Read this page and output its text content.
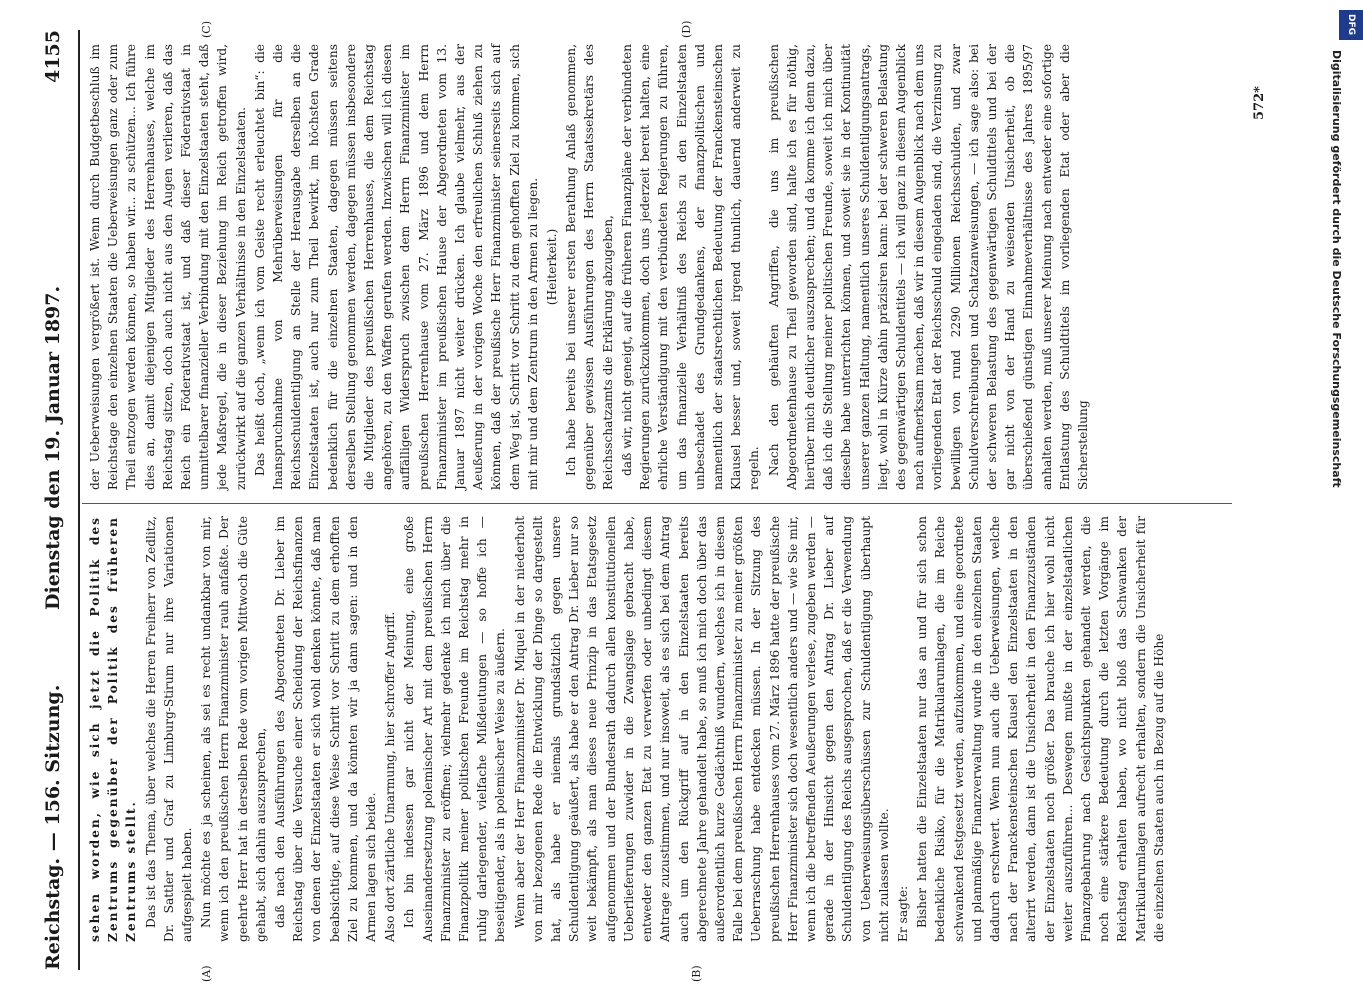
Reichstag. — 156. Sitzung.
Dienstag den 19. Januar 1897.
4155
(A)	(B)
(C)	(D)

sehen worden, wie sich jetzt die Politik des Zentrums gegenüber der Politik des früheren Zentrums stellt. Das ist das Thema, über welches die Herren Freiherr von Zedlitz, Dr. Sattler und Graf zu Limburg-Stirum nur ihre Variationen aufgespielt haben. Nun möchte es ja scheinen, als sei es recht undankbar von mir, wenn ich den preußischen Herrn Finanzminister rauh anfaßte. Der geehrte Herr hat in derselben Rede vom vorigen Mittwoch die Güte gehabt, sich dahin auszusprechen, daß nach den Ausführungen des Abgeordneten Dr. Lieber im Reichstag über die Versuche einer Scheidung der Reichsfinanzen von denen der Einzelstaaten er sich wohl denken könnte, daß man beabsichtige, auf diese Weise Schritt vor Schritt zu dem erhofften Ziel zu kommen, und da könnten wir ja dann sagen: und in den Armen lagen sich beide. Also dort zärtliche Umarmung, hier schroffer Angriff. Ich bin indessen gar nicht der Meinung, eine große Auseinandersetzung polemischer Art mit dem preußischen Herrn Finanzminister zu eröffnen; vielmehr gedenke ich mich über die Finanzpolitik meiner politischen Freunde im Reichstag mehr in ruhig darlegender, vielfache Mißdeutungen — so hoffe ich — beseitigender, als in polemischer Weise zu äußern. Wenn aber der Herr Finanzminister Dr. Miquel in der niederholt von mir bezogenen Rede die Entwicklung der Dinge so dargestellt hat, als habe er niemals grundsätzlich gegen unsere Schuldentilgung geäußert, als habe er den Antrag Dr. Lieber nur so weit bekämpft, als man dieses neue Prinzip in das Etatsgesetz aufgenommen und der Bundesrath dadurch allen konstitutionellen Ueberlieferungen zuwider in die Zwangslage gebracht habe, entweder den ganzen Etat zu verwerfen oder unbedingt diesem Antrage zuzustimmen, und nur insoweit, als es sich bei dem Antrag auch um den Rückgriff auf in den Einzelstaaten bereits abgerechnete Jahre gehandelt habe, so muß ich mich doch über das außerordentlich kurze Gedächtniß wundern, welches ich in diesem Falle bei dem preußischen Herrn Finanzminister zu meiner größten Ueberraschung habe entdecken müssen. In der Sitzung des preußischen Herrenhauses vom 27. März 1896 hatte der preußische Herr Finanzminister sich doch wesentlich anders und — wie Sie mir, wenn ich die betreffenden Aeußerungen verlese, zugeben werden — gerade in der Hinsicht gegen den Antrag Dr. Lieber auf Schuldentilgung des Reichs ausgesprochen, daß er die Verwendung von Ueberweisungsüberschüssen zur Schuldentilgung überhaupt nicht zulassen wollte. Er sagte: Bisher hatten die Einzelstaaten nur das an und für sich schon bedenkliche Risiko, für die Matrikularumlagen, die im Reiche schwankend festgesetzt werden, aufzukommen, und eine geordnete und planmäßige Finanzverwaltung wurde in den einzelnen Staaten dadurch erschwert. Wenn nun auch die Ueberweisungen, welche nach der Franckensteinschen Klausel den Einzelstaaten in den alterirt werden, dann ist die Unsicherheit in den Finanzzuständen der Einzelstaaten noch größer. Das brauche ich hier wohl nicht weiter auszuführen... Deswegen mußte in der einzelstaatlichen Finanzgebahrung nach Gesichtspunkten gehandelt werden, die noch eine stärkere Bedeutung durch die letzten Vorgänge im Reichstag erhalten haben, wo nicht bloß das Schwanken der Matrikularumlagen aufrecht erhalten, sondern die Unsicherheit für die einzelnen Staaten auch in Bezug auf die Höhe

der Ueberweisungen vergrößert ist. Wenn durch Budgetbeschluß im Reichstage den einzelnen Staaten die Ueberweisungen ganz oder zum Theil entzogen werden können, so haben wir... zu schützen... Ich führe dies an, damit diejenigen Mitglieder des Herrenhauses, welche im Reichstag sitzen, doch auch nicht aus den Augen verlieren, daß das Reich ein Föderativstaat ist, und daß dieser Föderativstaat in unmittelbarer finanzieller Verbindung mit den Einzelstaaten steht, daß jede Maßregel, die in dieser Beziehung im Reich getroffen wird, zurückwirkt auf die ganzen Verhältnisse in den Einzelstaaten. Das heißt doch, „wenn ich vom Geiste recht erleuchtet bin“: die Inanspruchnahme von Mehrüberweisungen für die Reichsschuldentilgung an Stelle der Herausgabe derselben an die Einzelstaaten ist, auch nur zum Theil bewirkt, im höchsten Grade bedenklich für die einzelnen Staaten, dagegen müssen seitens derselben Stellung genommen werden, dagegen müssen insbesondere die Mitglieder des preußischen Herrenhauses, die dem Reichstag angehören, zu den Waffen gerufen werden. Inzwischen will ich diesen auffälligen Widerspruch zwischen dem Herrn Finanzminister im preußischen Herrenhause vom 27. März 1896 und dem Herrn Finanzminister im preußischen Hause der Abgeordneten vom 13. Januar 1897 nicht weiter drücken. Ich glaube vielmehr, aus der Aeußerung in der vorigen Woche den erfreulichen Schluß ziehen zu können, daß der preußische Herr Finanzminister seinerseits sich auf dem Weg ist, Schritt vor Schritt zu dem gehofften Ziel zu kommen, sich mit mir und dem Zentrum in den Armen zu liegen. (Heiterkeit.) Ich habe bereits bei unserer ersten Berathung Anlaß genommen, gegenüber gewissen Ausführungen des Herrn Staatssekretärs des Reichsschatzamts die Erklärung abzugeben, daß wir, nicht geneigt, auf die früheren Finanzpläne der verbündeten Regierungen zurückzukommen, doch uns jederzeit bereit halten, eine ehrliche Verständigung mit den verbündeten Regierungen zu führen, um das finanzielle Verhältniß des Reichs zu den Einzelstaaten unbeschadet des Grundgedankens, der finanzpolitischen und namentlich der staatsrechtlichen Bedeutung der Franckensteinschen Klausel besser und, soweit irgend thunlich, dauernd anderweit zu regeln. Nach den gehäuften Angriffen, die uns im preußischen Abgeordnetenhause zu Theil geworden sind, halte ich es für nöthig, hierüber mich deutlicher auszusprechen; und da komme ich denn dazu, daß ich die Stellung meiner politischen Freunde, soweit ich mich über dieselbe habe unterrichten können, und soweit sie in der Kontinuität unserer ganzen Haltung, namentlich unseres Schuldentilgungsantrags, liegt, wohl in Kürze dahin präzisiren kann: bei der schweren Belastung des gegenwärtigen Schuldentitels — ich will ganz in diesem Augenblick nach aufmerksam machen, daß wir in diesem Augenblick nach dem uns vorliegenden Etat der Reichsschuld eingeladen sind, die Verzinsung zu bewilligen von rund 2290 Millionen Reichsschulden, und zwar Schuldverschreibungen und Schatzanweisungen, — ich sage also: bei der schweren Belastung des gegenwärtigen Schuldtitels und bei der gar nicht von der Hand zu weisenden Unsicherheit, ob die überschießend günstigen Einnahmeverhältnisse des Jahres 1895/97 anhalten werden, muß unserer Meinung nach entweder eine sofortige Entlastung des Schuldtitels im vorliegenden Etat oder aber die Sicherstellung

572*
DFG
Digitalisierung gefördert durch die Deutsche Forschungsgemeinschaft
